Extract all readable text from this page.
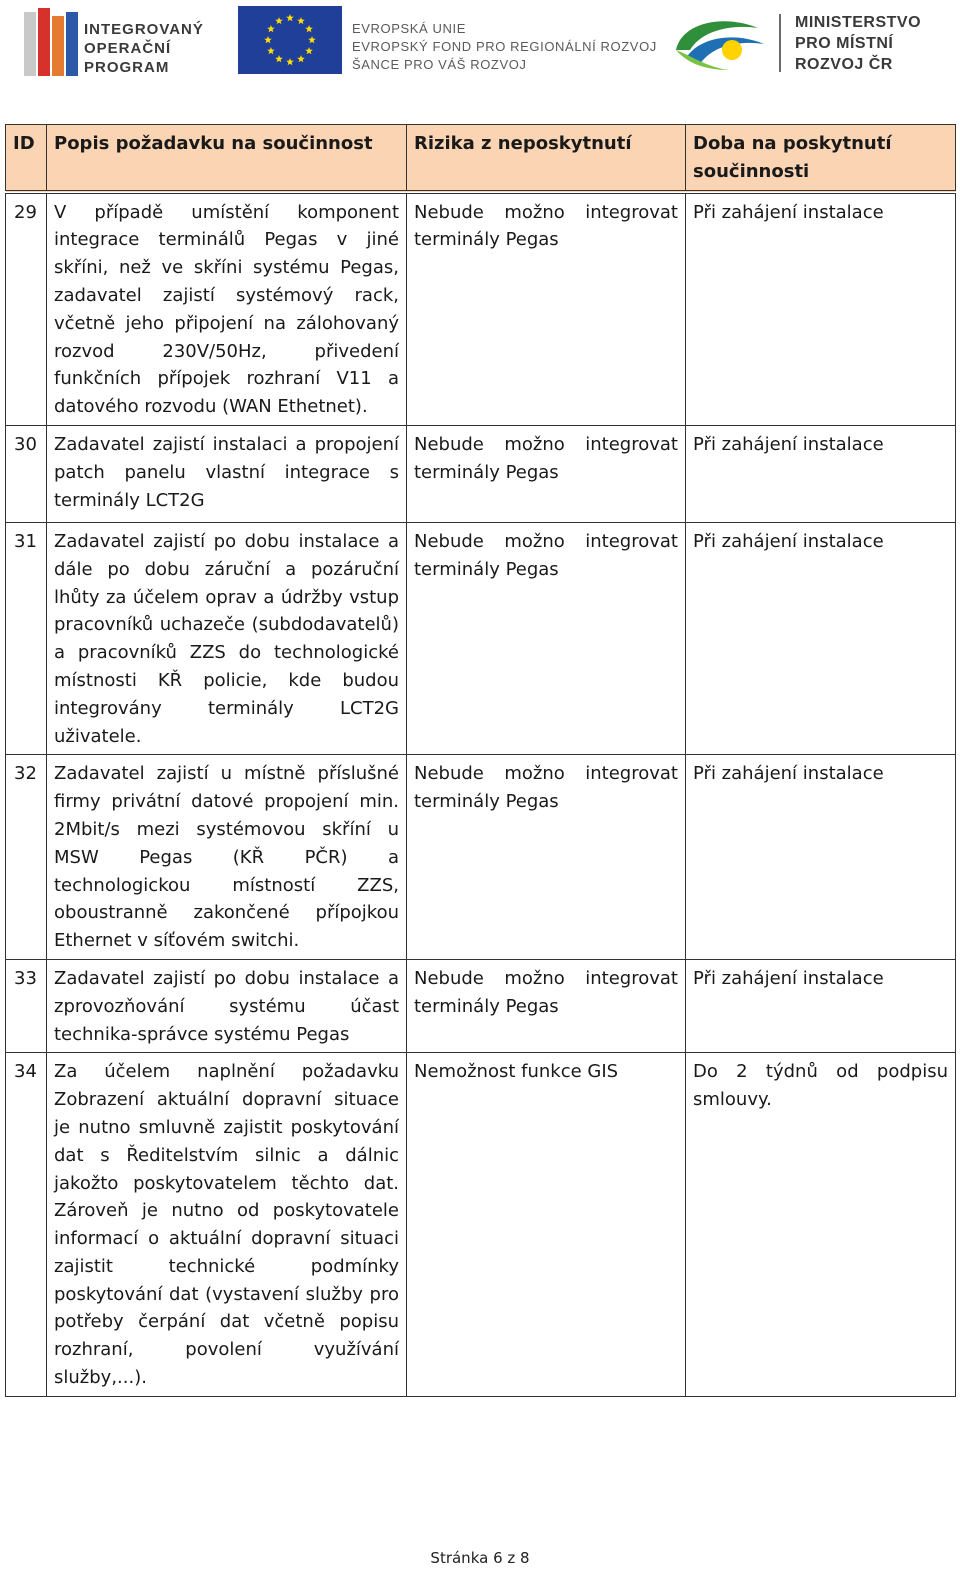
INTEGROVANÝ
OPERAČNÍ
PROGRAM
EVROPSKÁ UNIE
EVROPSKÝ FOND PRO REGIONÁLNÍ ROZVOJ
ŠANCE PRO VÁŠ ROZVOJ
MINISTERSTVO
PRO MÍSTNÍ
ROZVOJ ČR
ID	Popis požadavku na součinnost	Rizika z neposkytnutí	Doba na poskytnutí součinnosti
29	V případě umístění komponent integrace terminálů Pegas v jiné skříni, než ve skříni systému Pegas, zadavatel zajistí systémový rack, včetně jeho připojení na zálohovaný rozvod 230V/50Hz, přivedení funkčních přípojek rozhraní V11 a datového rozvodu (WAN Ethetnet).	Nebude možno integrovat terminály Pegas	Při zahájení instalace
30	Zadavatel zajistí instalaci a propojení patch panelu vlastní integrace s terminály LCT2G	Nebude možno integrovat terminály Pegas	Při zahájení instalace
31	Zadavatel zajistí po dobu instalace a dále po dobu záruční a pozáruční lhůty za účelem oprav a údržby vstup pracovníků uchazeče (subdodavatelů) a pracovníků ZZS do technologické místnosti KŘ policie, kde budou integrovány terminály LCT2G uživatele.	Nebude možno integrovat terminály Pegas	Při zahájení instalace
32	Zadavatel zajistí u místně příslušné firmy privátní datové propojení min. 2Mbit/s mezi systémovou skříní u MSW Pegas (KŘ PČR) a technologickou místností ZZS, oboustranně zakončené přípojkou Ethernet v síťovém switchi.	Nebude možno integrovat terminály Pegas	Při zahájení instalace
33	Zadavatel zajistí po dobu instalace a zprovozňování systému účast technika-správce systému Pegas	Nebude možno integrovat terminály Pegas	Při zahájení instalace
34	Za účelem naplnění požadavku Zobrazení aktuální dopravní situace je nutno smluvně zajistit poskytování dat s Ředitelstvím silnic a dálnic jakožto poskytovatelem těchto dat. Zároveň je nutno od poskytovatele informací o aktuální dopravní situaci zajistit technické podmínky poskytování dat (vystavení služby pro potřeby čerpání dat včetně popisu rozhraní, povolení využívání služby,...).	Nemožnost funkce GIS	Do 2 týdnů od podpisu smlouvy.
Stránka 6 z 8
